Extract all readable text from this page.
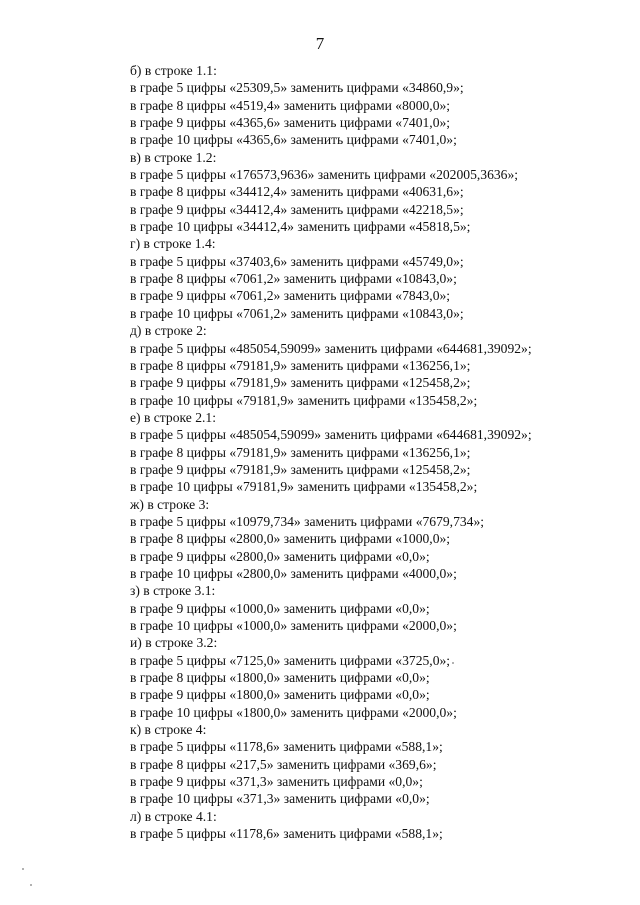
7
б) в строке 1.1:
в графе 5 цифры «25309,5» заменить цифрами «34860,9»;
в графе 8 цифры «4519,4» заменить цифрами «8000,0»;
в графе 9 цифры «4365,6» заменить цифрами «7401,0»;
в графе 10 цифры «4365,6» заменить цифрами «7401,0»;
в) в строке 1.2:
в графе 5 цифры «176573,9636» заменить цифрами «202005,3636»;
в графе 8 цифры «34412,4» заменить цифрами «40631,6»;
в графе 9 цифры «34412,4» заменить цифрами «42218,5»;
в графе 10 цифры «34412,4» заменить цифрами «45818,5»;
г) в строке 1.4:
в графе 5 цифры «37403,6» заменить цифрами «45749,0»;
в графе 8 цифры «7061,2» заменить цифрами «10843,0»;
в графе 9 цифры «7061,2» заменить цифрами «7843,0»;
в графе 10 цифры «7061,2» заменить цифрами «10843,0»;
д) в строке 2:
в графе 5 цифры «485054,59099» заменить цифрами «644681,39092»;
в графе 8 цифры «79181,9» заменить цифрами «136256,1»;
в графе 9 цифры «79181,9» заменить цифрами «125458,2»;
в графе 10 цифры «79181,9» заменить цифрами «135458,2»;
е) в строке 2.1:
в графе 5 цифры «485054,59099» заменить цифрами «644681,39092»;
в графе 8 цифры «79181,9» заменить цифрами «136256,1»;
в графе 9 цифры «79181,9» заменить цифрами «125458,2»;
в графе 10 цифры «79181,9» заменить цифрами «135458,2»;
ж) в строке 3:
в графе 5 цифры «10979,734» заменить цифрами «7679,734»;
в графе 8 цифры «2800,0» заменить цифрами «1000,0»;
в графе 9 цифры «2800,0» заменить цифрами «0,0»;
в графе 10 цифры «2800,0» заменить цифрами «4000,0»;
з) в строке 3.1:
в графе 9 цифры «1000,0» заменить цифрами «0,0»;
в графе 10 цифры «1000,0» заменить цифрами «2000,0»;
и) в строке 3.2:
в графе 5 цифры «7125,0» заменить цифрами «3725,0»;
в графе 8 цифры «1800,0» заменить цифрами «0,0»;
в графе 9 цифры «1800,0» заменить цифрами «0,0»;
в графе 10 цифры «1800,0» заменить цифрами «2000,0»;
к) в строке 4:
в графе 5 цифры «1178,6» заменить цифрами «588,1»;
в графе 8 цифры «217,5» заменить цифрами «369,6»;
в графе 9 цифры «371,3» заменить цифрами «0,0»;
в графе 10 цифры «371,3» заменить цифрами «0,0»;
л) в строке 4.1:
в графе 5 цифры «1178,6» заменить цифрами «588,1»;
